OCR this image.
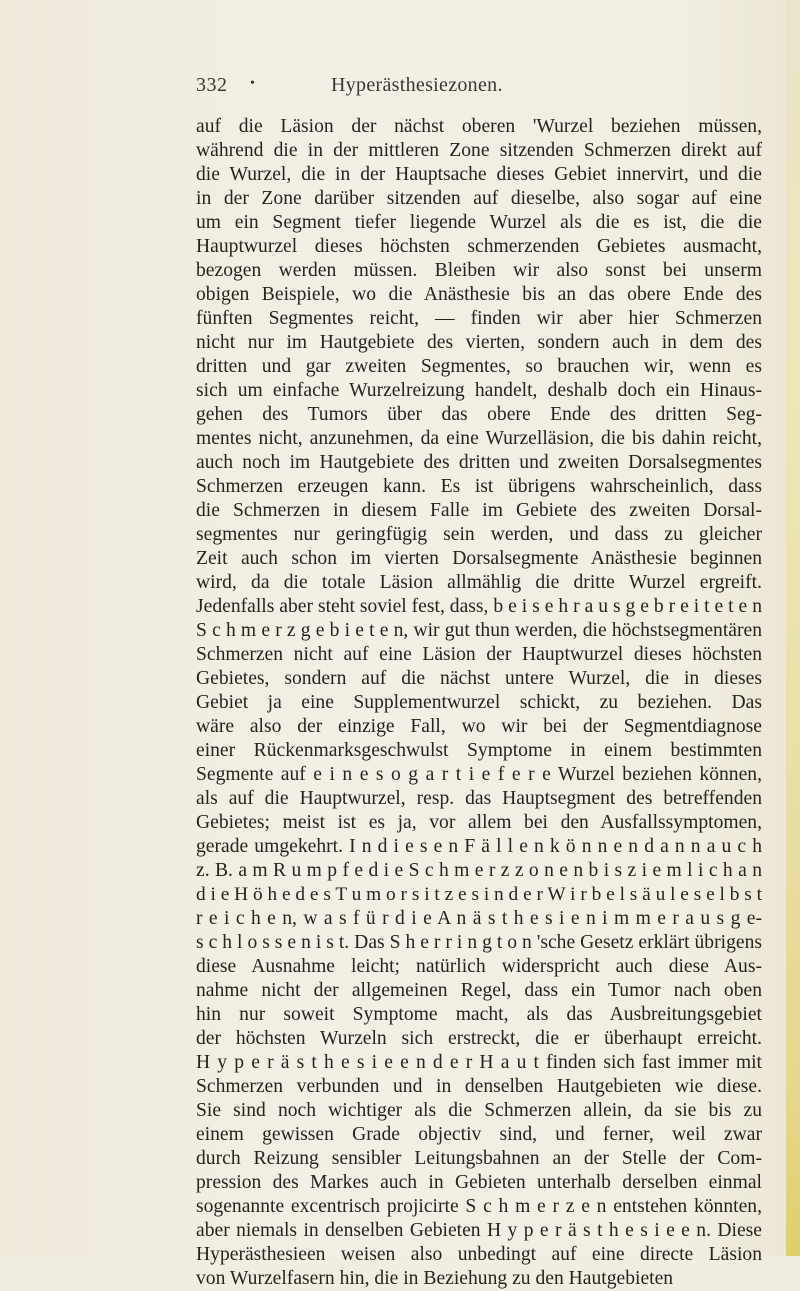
332 •	Hyperästhesiezonen.
auf die Läsion der nächst oberen 'Wurzel beziehen müssen,
während die in der mittleren Zone sitzenden Schmerzen direkt auf
die Wurzel, die in der Hauptsache dieses Gebiet innervirt, und die
in der Zone darüber sitzenden auf dieselbe, also sogar auf eine
um ein Segment tiefer liegende Wurzel als die es ist, die die
Hauptwurzel dieses höchsten schmerzenden Gebietes ausmacht,
bezogen werden müssen. Bleiben wir also sonst bei unserm
obigen Beispiele, wo die Anästhesie bis an das obere Ende des
fünften Segmentes reicht, — finden wir aber hier Schmerzen
nicht nur im Hautgebiete des vierten, sondern auch in dem des
dritten und gar zweiten Segmentes, so brauchen wir, wenn es
sich um einfache Wurzelreizung handelt, deshalb doch ein Hinaus-
gehen des Tumors über das obere Ende des dritten Seg-
mentes nicht, anzunehmen, da eine Wurzelläsion, die bis dahin reicht,
auch noch im Hautgebiete des dritten und zweiten Dorsalsegmentes
Schmerzen erzeugen kann. Es ist übrigens wahrscheinlich, dass
die Schmerzen in diesem Falle im Gebiete des zweiten Dorsal-
segmentes nur geringfügig sein werden, und dass zu gleicher
Zeit auch schon im vierten Dorsalsegmente Anästhesie beginnen
wird, da die totale Läsion allmählig die dritte Wurzel ergreift.
Jedenfalls aber steht soviel fest, dass, b e i s e h r a u s g e b r e i t e t e n
S c h m e r z g e b i e t e n, wir gut thun werden, die höchstsegmentären
Schmerzen nicht auf eine Läsion der Hauptwurzel dieses höchsten
Gebietes, sondern auf die nächst untere Wurzel, die in dieses
Gebiet ja eine Supplementwurzel schickt, zu beziehen. Das
wäre also der einzige Fall, wo wir bei der Segmentdiagnose
einer Rückenmarksgeschwulst Symptome in einem bestimmten
Segmente auf e i n e s o g a r t i e f e r e Wurzel beziehen können,
als auf die Hauptwurzel, resp. das Hauptsegment des betreffenden
Gebietes; meist ist es ja, vor allem bei den Ausfallssymptomen,
gerade umgekehrt. I n d i e s e n F ä l l e n k ö n n e n d a n n a u c h
z. B. a m R u m p f e d i e S c h m e r z z o n e n b i s z i e m l i c h a n
d i e H ö h e d e s T u m o r s i t z e s i n d e r W i r b e l s ä u l e s e l b s t
r e i c h e n, w a s f ü r d i e A n ä s t h e s i e n i m m e r a u s g e-
s c h l o s s e n i s t. Das S h e r r i n g t o n 'sche Gesetz erklärt übrigens
diese Ausnahme leicht; natürlich widerspricht auch diese Aus-
nahme nicht der allgemeinen Regel, dass ein Tumor nach oben
hin nur soweit Symptome macht, als das Ausbreitungsgebiet
der höchsten Wurzeln sich erstreckt, die er überhaupt erreicht.
H y p e r ä s t h e s i e e n d e r H a u t finden sich fast immer mit
Schmerzen verbunden und in denselben Hautgebieten wie diese.
Sie sind noch wichtiger als die Schmerzen allein, da sie bis zu
einem gewissen Grade objectiv sind, und ferner, weil zwar
durch Reizung sensibler Leitungsbahnen an der Stelle der Com-
pression des Markes auch in Gebieten unterhalb derselben einmal
sogenannte excentrisch projicirte S c h m e r z e n entstehen könnten,
aber niemals in denselben Gebieten H y p e r ä s t h e s i e e n. Diese
Hyperästhesieen weisen also unbedingt auf eine directe Läsion
von Wurzelfasern hin, die in Beziehung zu den Hautgebieten
